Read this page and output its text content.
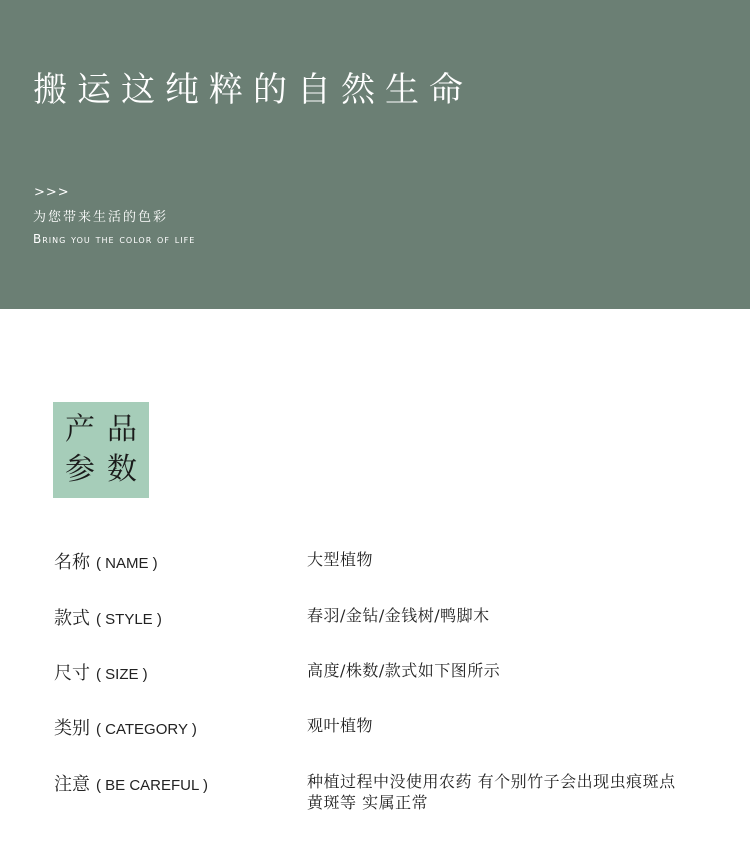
搬运这纯粹的自然生命
>>>
为您带来生活的色彩
Bring you the color of life
产品
参数
名称 ( NAME )	大型植物
款式 ( STYLE )	春羽/金钻/金钱树/鸭脚木
尺寸 ( SIZE )	高度/株数/款式如下图所示
类别 ( CATEGORY )	观叶植物
注意 ( BE CAREFUL )	种植过程中没使用农药 有个别竹子会出现虫痕斑点 黄斑等 实属正常
